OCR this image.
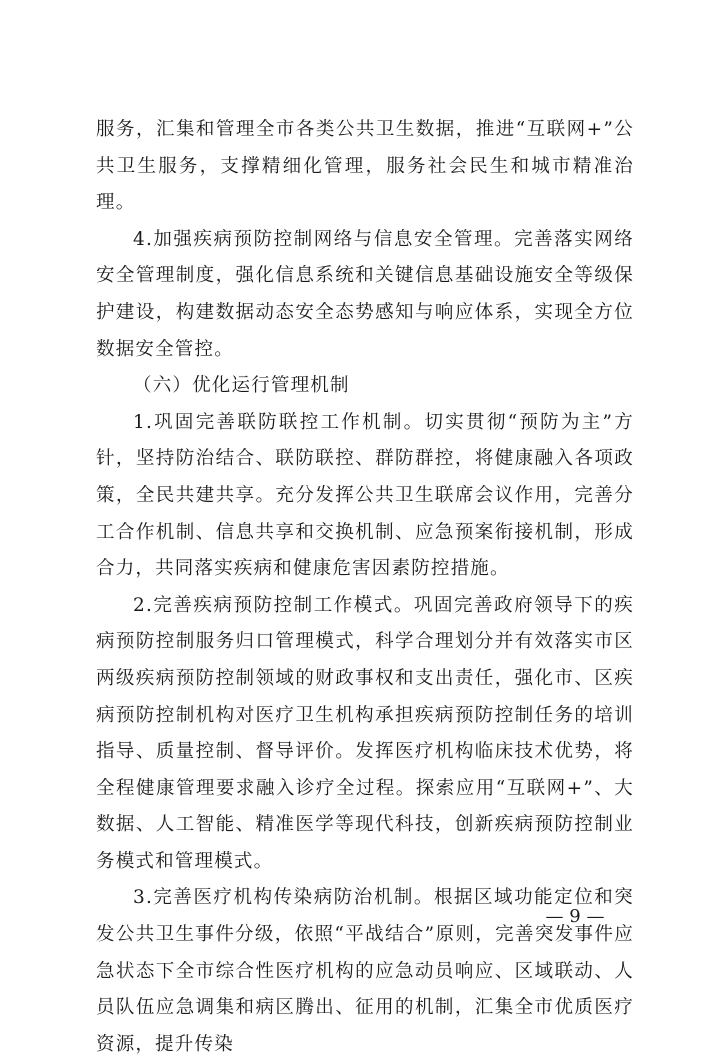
服务，汇集和管理全市各类公共卫生数据，推进“互联网+”公共卫生服务，支撑精细化管理，服务社会民生和城市精准治理。

4.加强疾病预防控制网络与信息安全管理。完善落实网络安全管理制度，强化信息系统和关键信息基础设施安全等级保护建设，构建数据动态安全态势感知与响应体系，实现全方位数据安全管控。

（六）优化运行管理机制

1.巩固完善联防联控工作机制。切实贯彻“预防为主”方针，坚持防治结合、联防联控、群防群控，将健康融入各项政策，全民共建共享。充分发挥公共卫生联席会议作用，完善分工合作机制、信息共享和交换机制、应急预案衔接机制，形成合力，共同落实疾病和健康危害因素防控措施。

2.完善疾病预防控制工作模式。巩固完善政府领导下的疾病预防控制服务归口管理模式，科学合理划分并有效落实市区两级疾病预防控制领域的财政事权和支出责任，强化市、区疾病预防控制机构对医疗卫生机构承担疾病预防控制任务的培训指导、质量控制、督导评价。发挥医疗机构临床技术优势，将全程健康管理要求融入诊疗全过程。探索应用“互联网+”、大数据、人工智能、精准医学等现代科技，创新疾病预防控制业务模式和管理模式。

3.完善医疗机构传染病防治机制。根据区域功能定位和突发公共卫生事件分级，依照“平战结合”原则，完善突发事件应急状态下全市综合性医疗机构的应急动员响应、区域联动、人员队伍应急调集和病区腾出、征用的机制，汇集全市优质医疗资源，提升传染

— 9 —
